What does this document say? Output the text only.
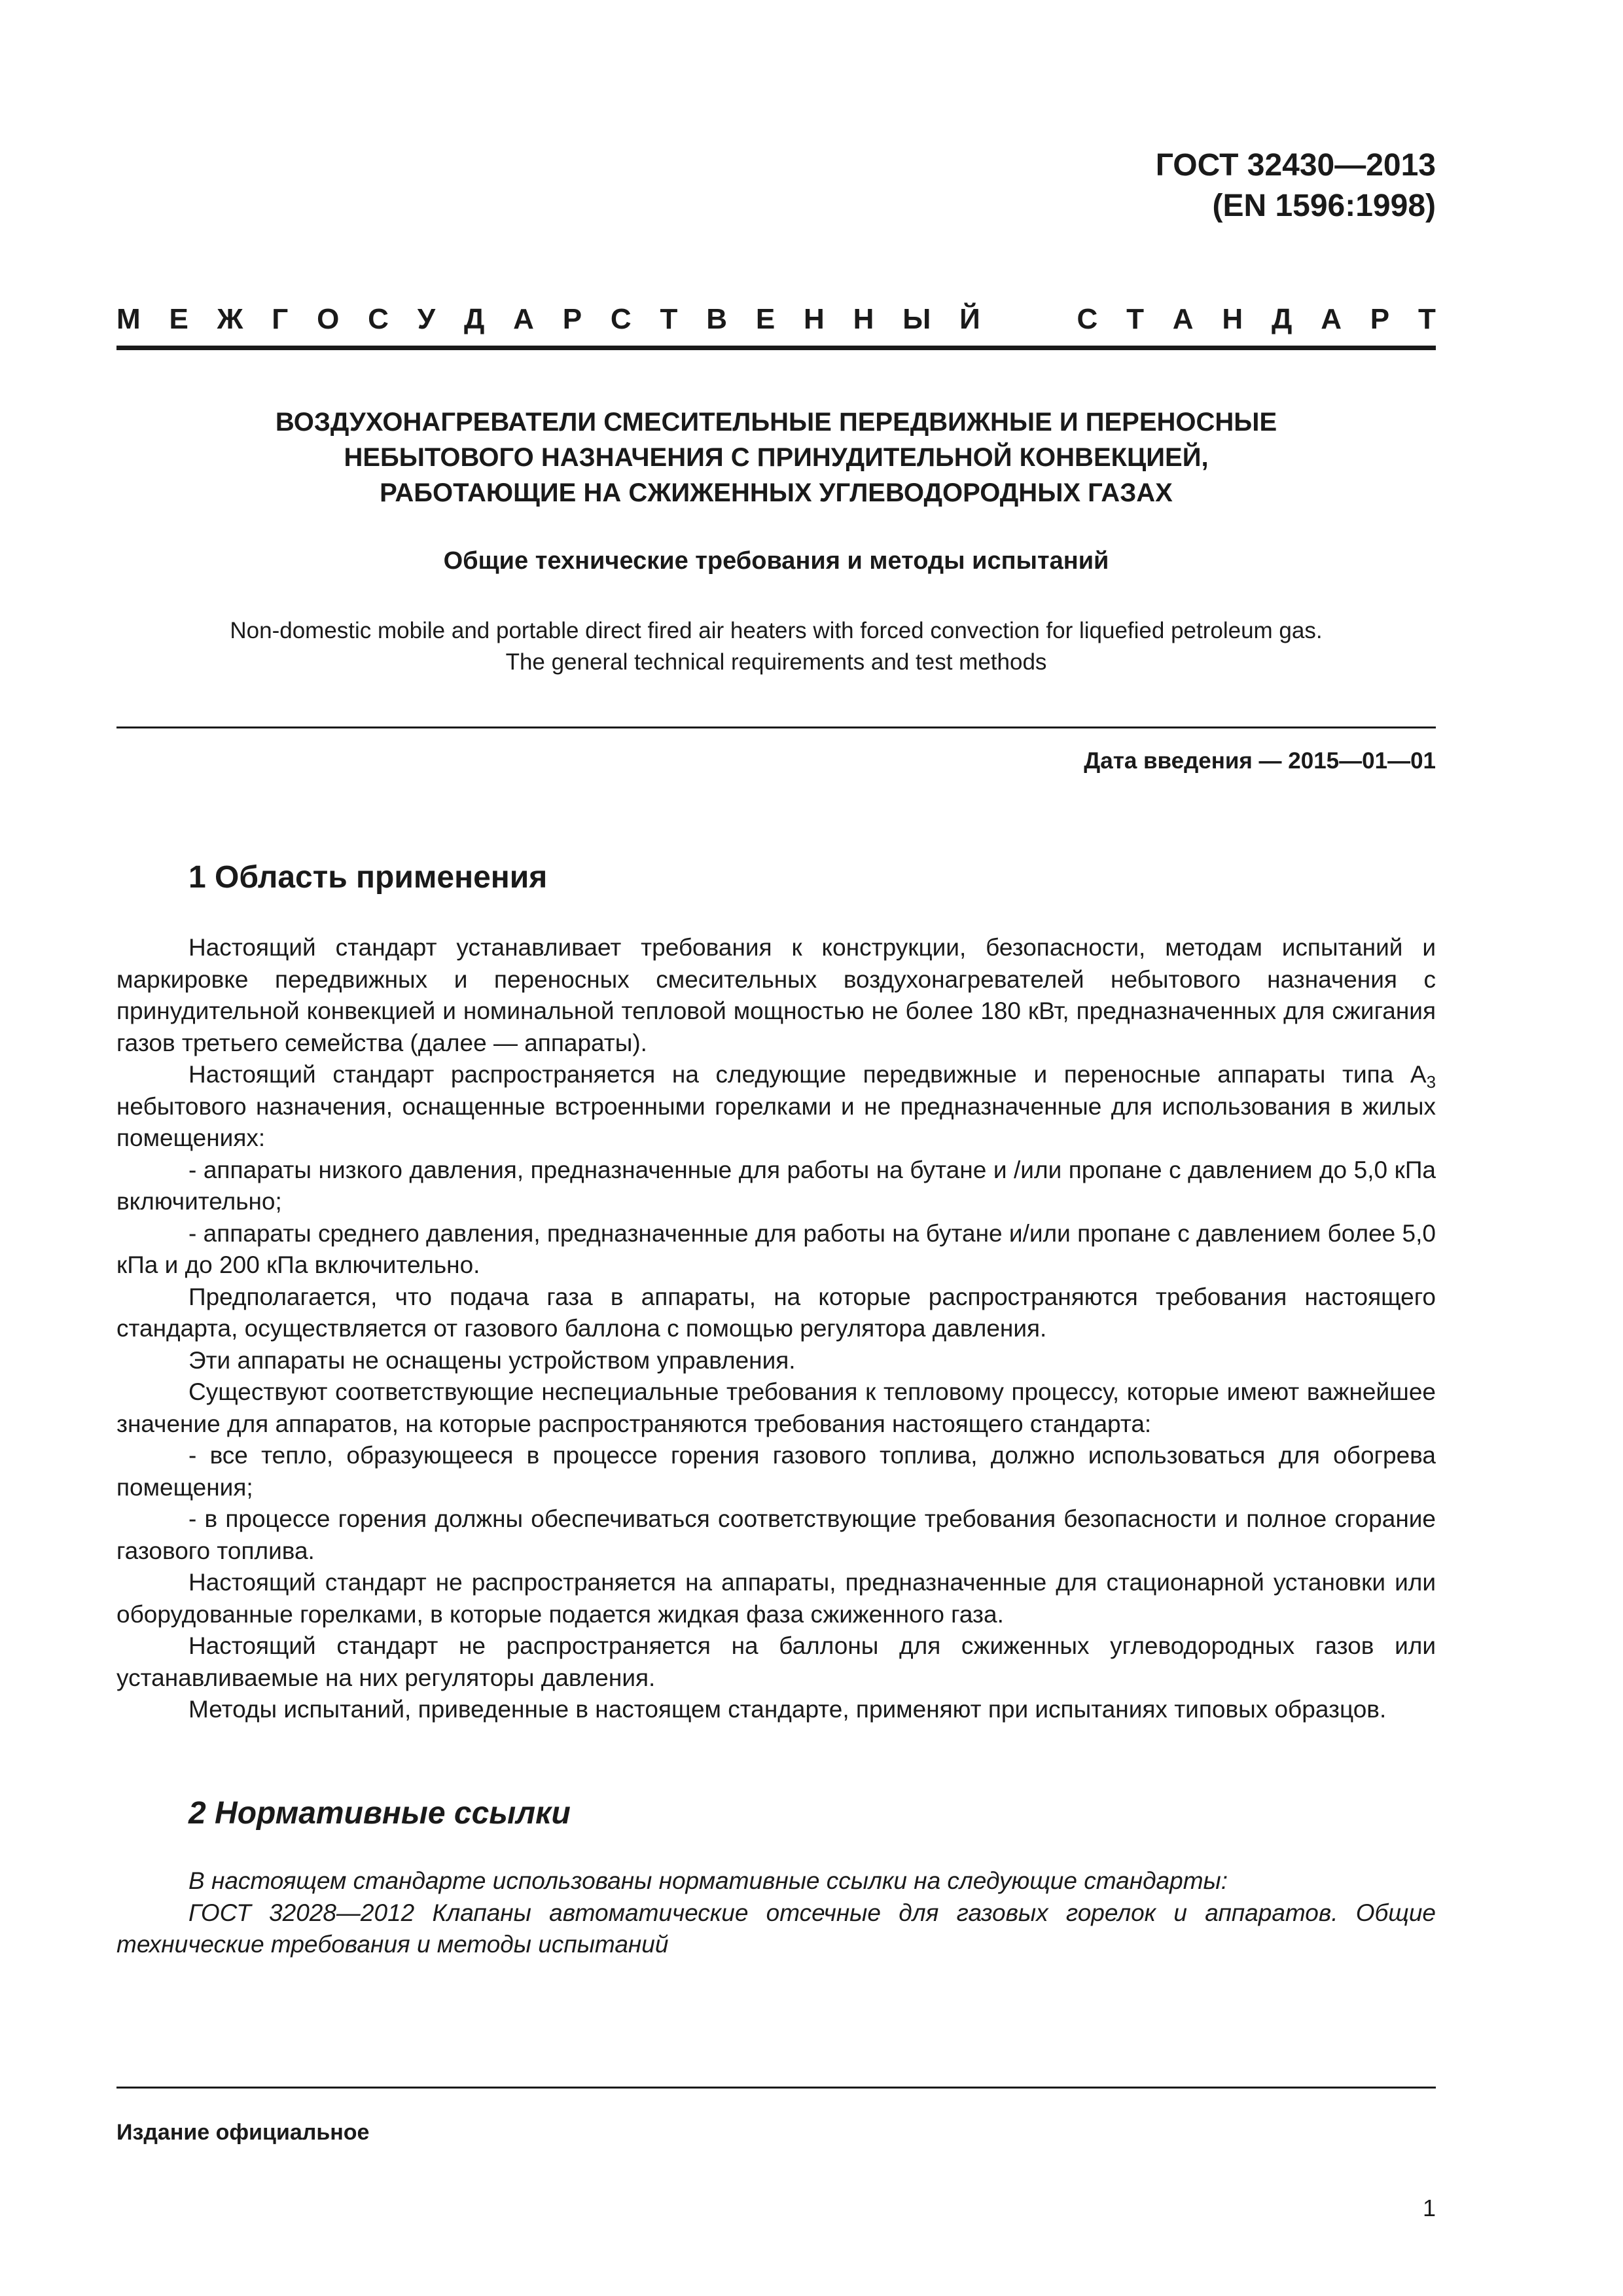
ГОСТ 32430—2013
(EN 1596:1998)
М Е Ж Г О С У Д А Р С Т В Е Н Н Ы Й	С Т А Н Д А Р Т
ВОЗДУХОНАГРЕВАТЕЛИ СМЕСИТЕЛЬНЫЕ ПЕРЕДВИЖНЫЕ И ПЕРЕНОСНЫЕ
НЕБЫТОВОГО НАЗНАЧЕНИЯ С ПРИНУДИТЕЛЬНОЙ КОНВЕКЦИЕЙ,
РАБОТАЮЩИЕ НА СЖИЖЕННЫХ УГЛЕВОДОРОДНЫХ ГАЗАХ
Общие технические требования и методы испытаний
Non-domestic mobile and portable direct fired air heaters with forced convection for liquefied petroleum gas.
The general technical requirements and test methods
Дата введения — 2015—01—01
1 Область применения

Настоящий стандарт устанавливает требования к конструкции, безопасности, методам испытаний и маркировке передвижных и переносных смесительных воздухонагревателей небытового назначения с принудительной конвекцией и номинальной тепловой мощностью не более 180 кВт, предназначенных для сжигания газов третьего семейства (далее — аппараты).

Настоящий стандарт распространяется на следующие передвижные и переносные аппараты типа $A_3$ небытового назначения, оснащенные встроенными горелками и не предназначенные для использования в жилых помещениях:

- аппараты низкого давления, предназначенные для работы на бутане и /или пропане с давлением до 5,0 кПа включительно;

- аппараты среднего давления, предназначенные для работы на бутане и/или пропане с давлением более 5,0 кПа и до 200 кПа включительно.

Предполагается, что подача газа в аппараты, на которые распространяются требования настоящего стандарта, осуществляется от газового баллона с помощью регулятора давления.

Эти аппараты не оснащены устройством управления.

Существуют соответствующие неспециальные требования к тепловому процессу, которые имеют важнейшее значение для аппаратов, на которые распространяются требования настоящего стандарта:

- все тепло, образующееся в процессе горения газового топлива, должно использоваться для обогрева помещения;

- в процессе горения должны обеспечиваться соответствующие требования безопасности и полное сгорание газового топлива.

Настоящий стандарт не распространяется на аппараты, предназначенные для стационарной установки или оборудованные горелками, в которые подается жидкая фаза сжиженного газа.

Настоящий стандарт не распространяется на баллоны для сжиженных углеводородных газов или устанавливаемые на них регуляторы давления.

Методы испытаний, приведенные в настоящем стандарте, применяют при испытаниях типовых образцов.

2 Нормативные ссылки

В настоящем стандарте использованы нормативные ссылки на следующие стандарты:

ГОСТ 32028—2012 Клапаны автоматические отсечные для газовых горелок и аппаратов. Общие технические требования и методы испытаний

Издание официальное
1
